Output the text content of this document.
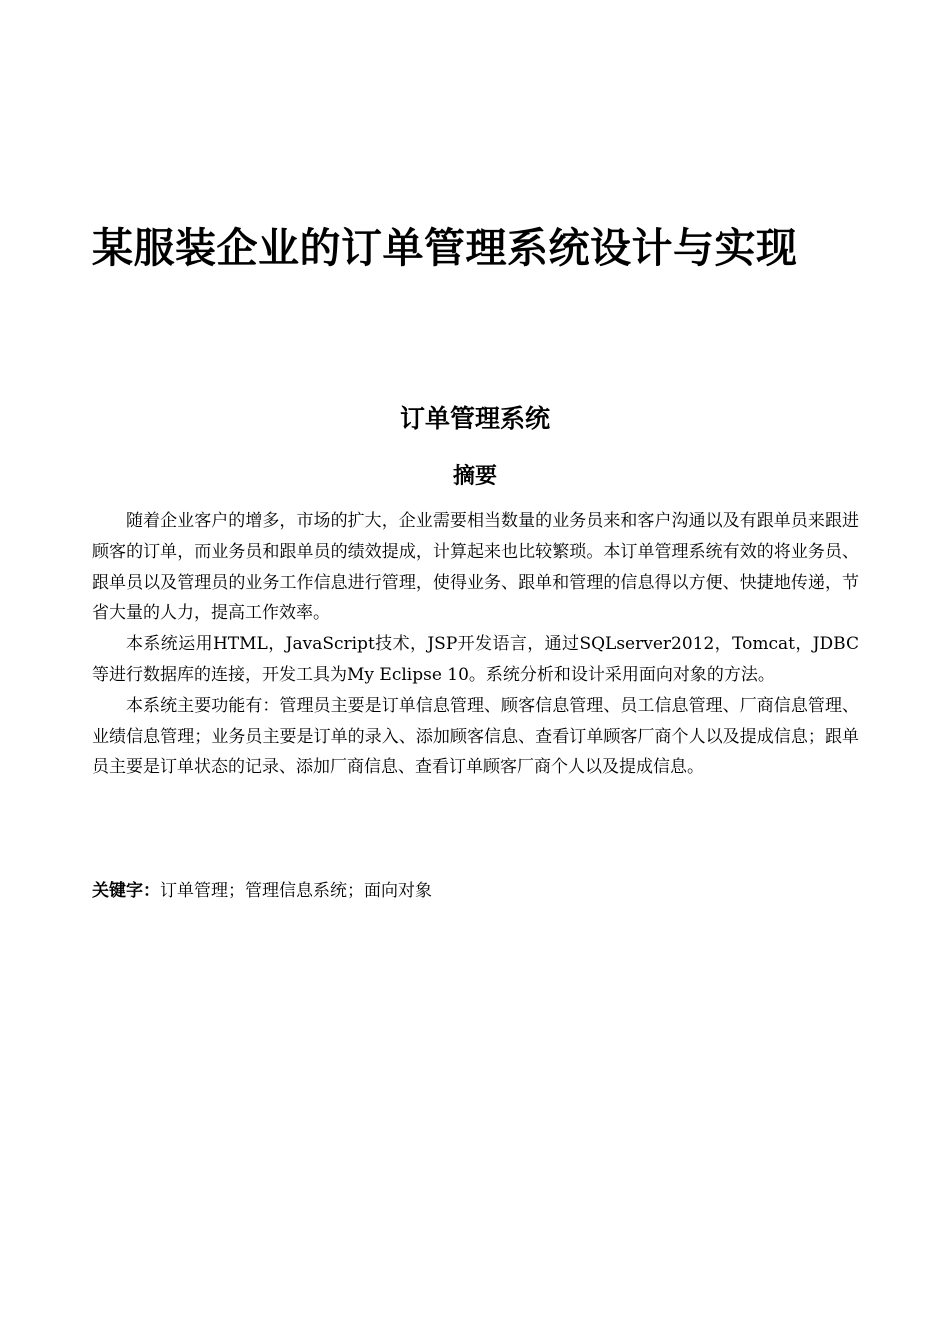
某服装企业的订单管理系统设计与实现
订单管理系统
摘要

随着企业客户的增多，市场的扩大，企业需要相当数量的业务员来和客户沟通以及有跟单员来跟进顾客的订单，而业务员和跟单员的绩效提成，计算起来也比较繁琐。本订单管理系统有效的将业务员、跟单员以及管理员的业务工作信息进行管理，使得业务、跟单和管理的信息得以方便、快捷地传递，节省大量的人力，提高工作效率。

本系统运用HTML，JavaScript技术，JSP开发语言，通过SQLserver2012，Tomcat，JDBC等进行数据库的连接，开发工具为My Eclipse 10。系统分析和设计采用面向对象的方法。

本系统主要功能有：管理员主要是订单信息管理、顾客信息管理、员工信息管理、厂商信息管理、业绩信息管理；业务员主要是订单的录入、添加顾客信息、查看订单顾客厂商个人以及提成信息；跟单员主要是订单状态的记录、添加厂商信息、查看订单顾客厂商个人以及提成信息。

关键字：订单管理；管理信息系统；面向对象
